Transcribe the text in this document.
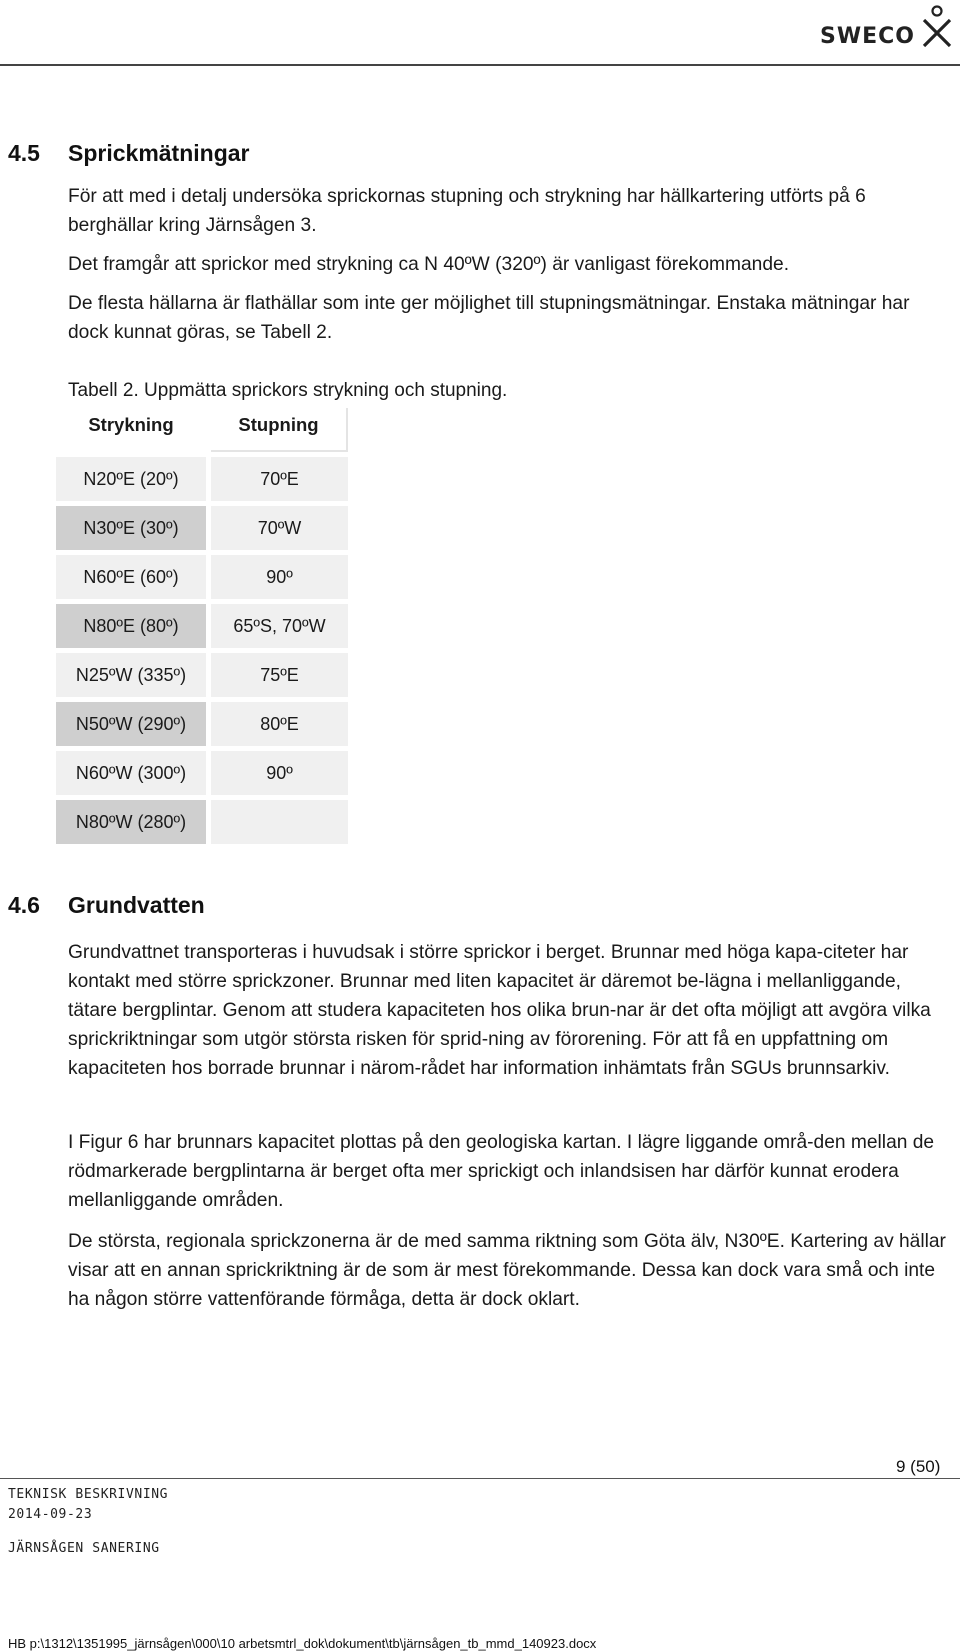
SWECO
4.5 Sprickmätningar
För att med i detalj undersöka sprickornas stupning och strykning har hällkartering utförts på 6 berghällar kring Järnsågen 3.
Det framgår att sprickor med strykning ca N 40ºW (320º) är vanligast förekommande.
De flesta hällarna är flathällar som inte ger möjlighet till stupningsmätningar. Enstaka mätningar har dock kunnat göras, se Tabell 2.
Tabell 2. Uppmätta sprickors strykning och stupning.
Strykning	Stupning
N20ºE (20º)	70ºE
N30ºE (30º)	70ºW
N60ºE (60º)	90º
N80ºE (80º)	65ºS, 70ºW
N25ºW (335º)	75ºE
N50ºW (290º)	80ºE
N60ºW (300º)	90º
N80ºW (280º)
4.6 Grundvatten
Grundvattnet transporteras i huvudsak i större sprickor i berget. Brunnar med höga kapa-citeter har kontakt med större sprickzoner. Brunnar med liten kapacitet är däremot be-lägna i mellanliggande, tätare bergplintar. Genom att studera kapaciteten hos olika brun-nar är det ofta möjligt att avgöra vilka sprickriktningar som utgör största risken för sprid-ning av förorening. För att få en uppfattning om kapaciteten hos borrade brunnar i närom-rådet har information inhämtats från SGUs brunnsarkiv.
I Figur 6 har brunnars kapacitet plottas på den geologiska kartan. I lägre liggande områ-den mellan de rödmarkerade bergplintarna är berget ofta mer sprickigt och inlandsisen har därför kunnat erodera mellanliggande områden.
De största, regionala sprickzonerna är de med samma riktning som Göta älv, N30ºE. Kartering av hällar visar att en annan sprickriktning är de som är mest förekommande. Dessa kan dock vara små och inte ha någon större vattenförande förmåga, detta är dock oklart.
9 (50)
TEKNISK BESKRIVNING
2014-09-23
JÄRNSÅGEN SANERING
HB p:\1312\1351995_järnsågen\000\10 arbetsmtrl_dok\dokument\tb\järnsågen_tb_mmd_140923.docx
